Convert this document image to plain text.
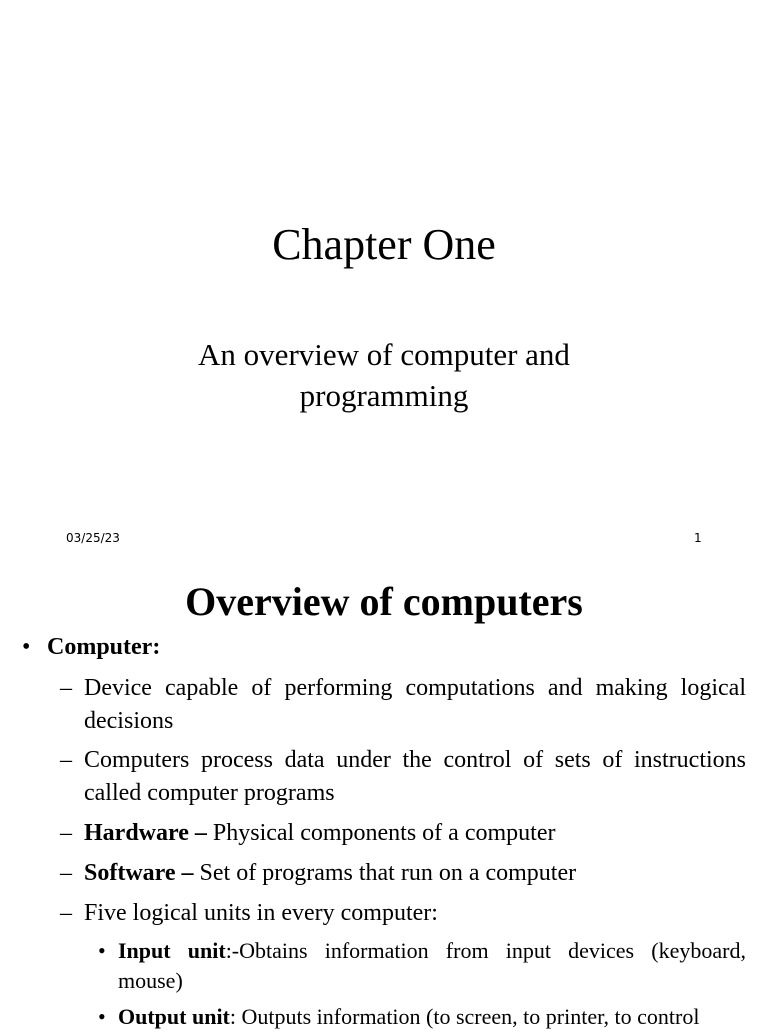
Chapter One
An overview of computer and programming
03/25/23	1
Overview of computers
• Computer:
– Device capable of performing computations and making logical decisions
– Computers process data under the control of sets of instructions called computer programs
– Hardware – Physical components of a computer
– Software – Set of programs that run on a computer
– Five logical units in every computer:
• Input unit:-Obtains information from input devices (keyboard, mouse)
• Output unit: Outputs information (to screen, to printer, to control
